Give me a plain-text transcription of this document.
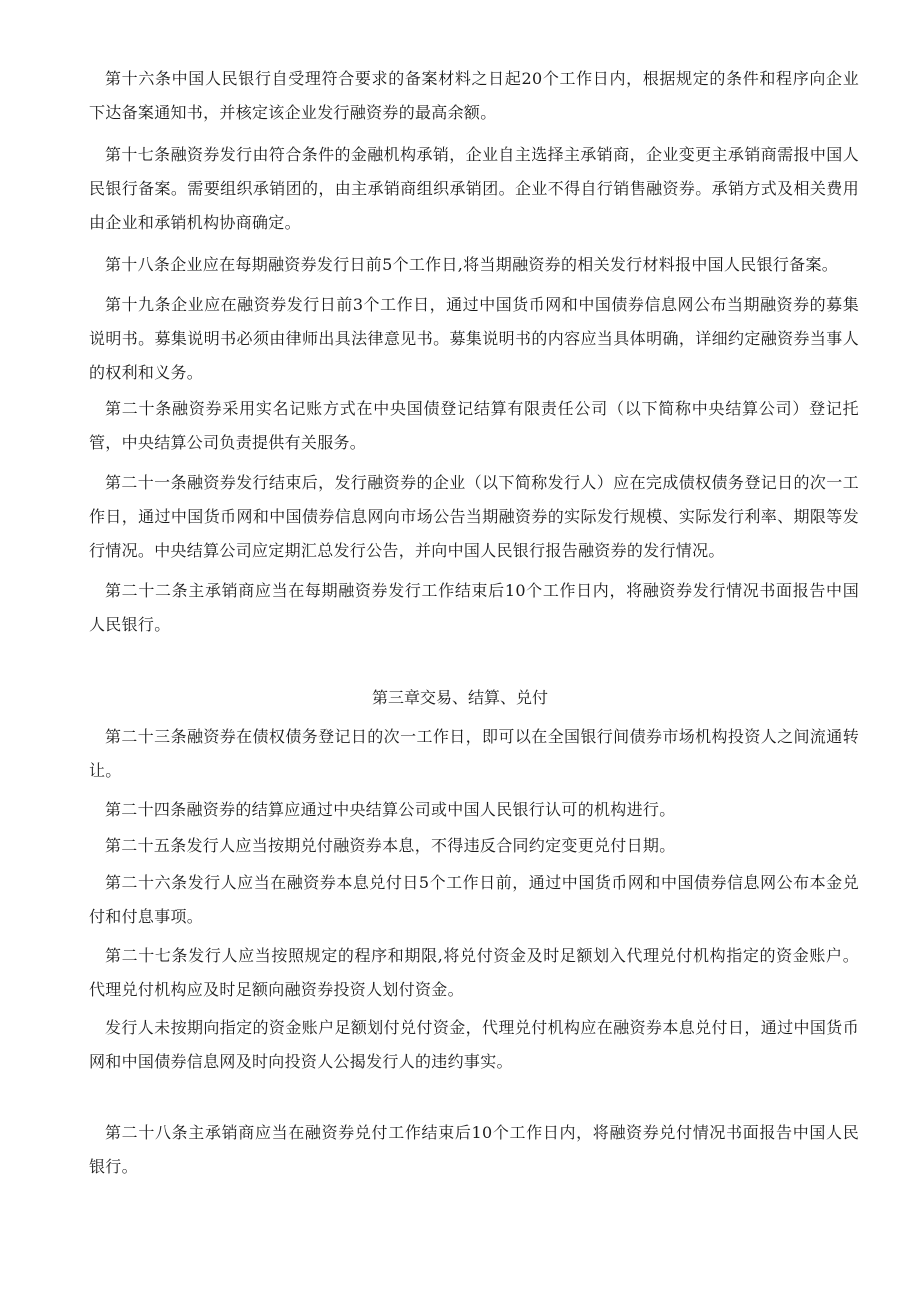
第十六条中国人民银行自受理符合要求的备案材料之日起20个工作日内，根据规定的条件和程序向企业下达备案通知书，并核定该企业发行融资券的最高余额。

第十七条融资券发行由符合条件的金融机构承销，企业自主选择主承销商，企业变更主承销商需报中国人民银行备案。需要组织承销团的，由主承销商组织承销团。企业不得自行销售融资券。承销方式及相关费用由企业和承销机构协商确定。

第十八条企业应在每期融资券发行日前5个工作日,将当期融资券的相关发行材料报中国人民银行备案。

第十九条企业应在融资券发行日前3个工作日，通过中国货币网和中国债券信息网公布当期融资券的募集说明书。募集说明书必须由律师出具法律意见书。募集说明书的内容应当具体明确，详细约定融资券当事人的权利和义务。

第二十条融资券采用实名记账方式在中央国债登记结算有限责任公司（以下简称中央结算公司）登记托管，中央结算公司负责提供有关服务。

第二十一条融资券发行结束后，发行融资券的企业（以下简称发行人）应在完成债权债务登记日的次一工作日，通过中国货币网和中国债券信息网向市场公告当期融资券的实际发行规模、实际发行利率、期限等发行情况。中央结算公司应定期汇总发行公告，并向中国人民银行报告融资券的发行情况。

第二十二条主承销商应当在每期融资券发行工作结束后10个工作日内，将融资券发行情况书面报告中国人民银行。

第三章交易、结算、兑付

第二十三条融资券在债权债务登记日的次一工作日，即可以在全国银行间债券市场机构投资人之间流通转让。

第二十四条融资券的结算应通过中央结算公司或中国人民银行认可的机构进行。

第二十五条发行人应当按期兑付融资券本息，不得违反合同约定变更兑付日期。

第二十六条发行人应当在融资券本息兑付日5个工作日前，通过中国货币网和中国债券信息网公布本金兑付和付息事项。

第二十七条发行人应当按照规定的程序和期限,将兑付资金及时足额划入代理兑付机构指定的资金账户。代理兑付机构应及时足额向融资券投资人划付资金。

发行人未按期向指定的资金账户足额划付兑付资金，代理兑付机构应在融资券本息兑付日，通过中国货币网和中国债券信息网及时向投资人公揭发行人的违约事实。

第二十八条主承销商应当在融资券兑付工作结束后10个工作日内，将融资券兑付情况书面报告中国人民银行。
